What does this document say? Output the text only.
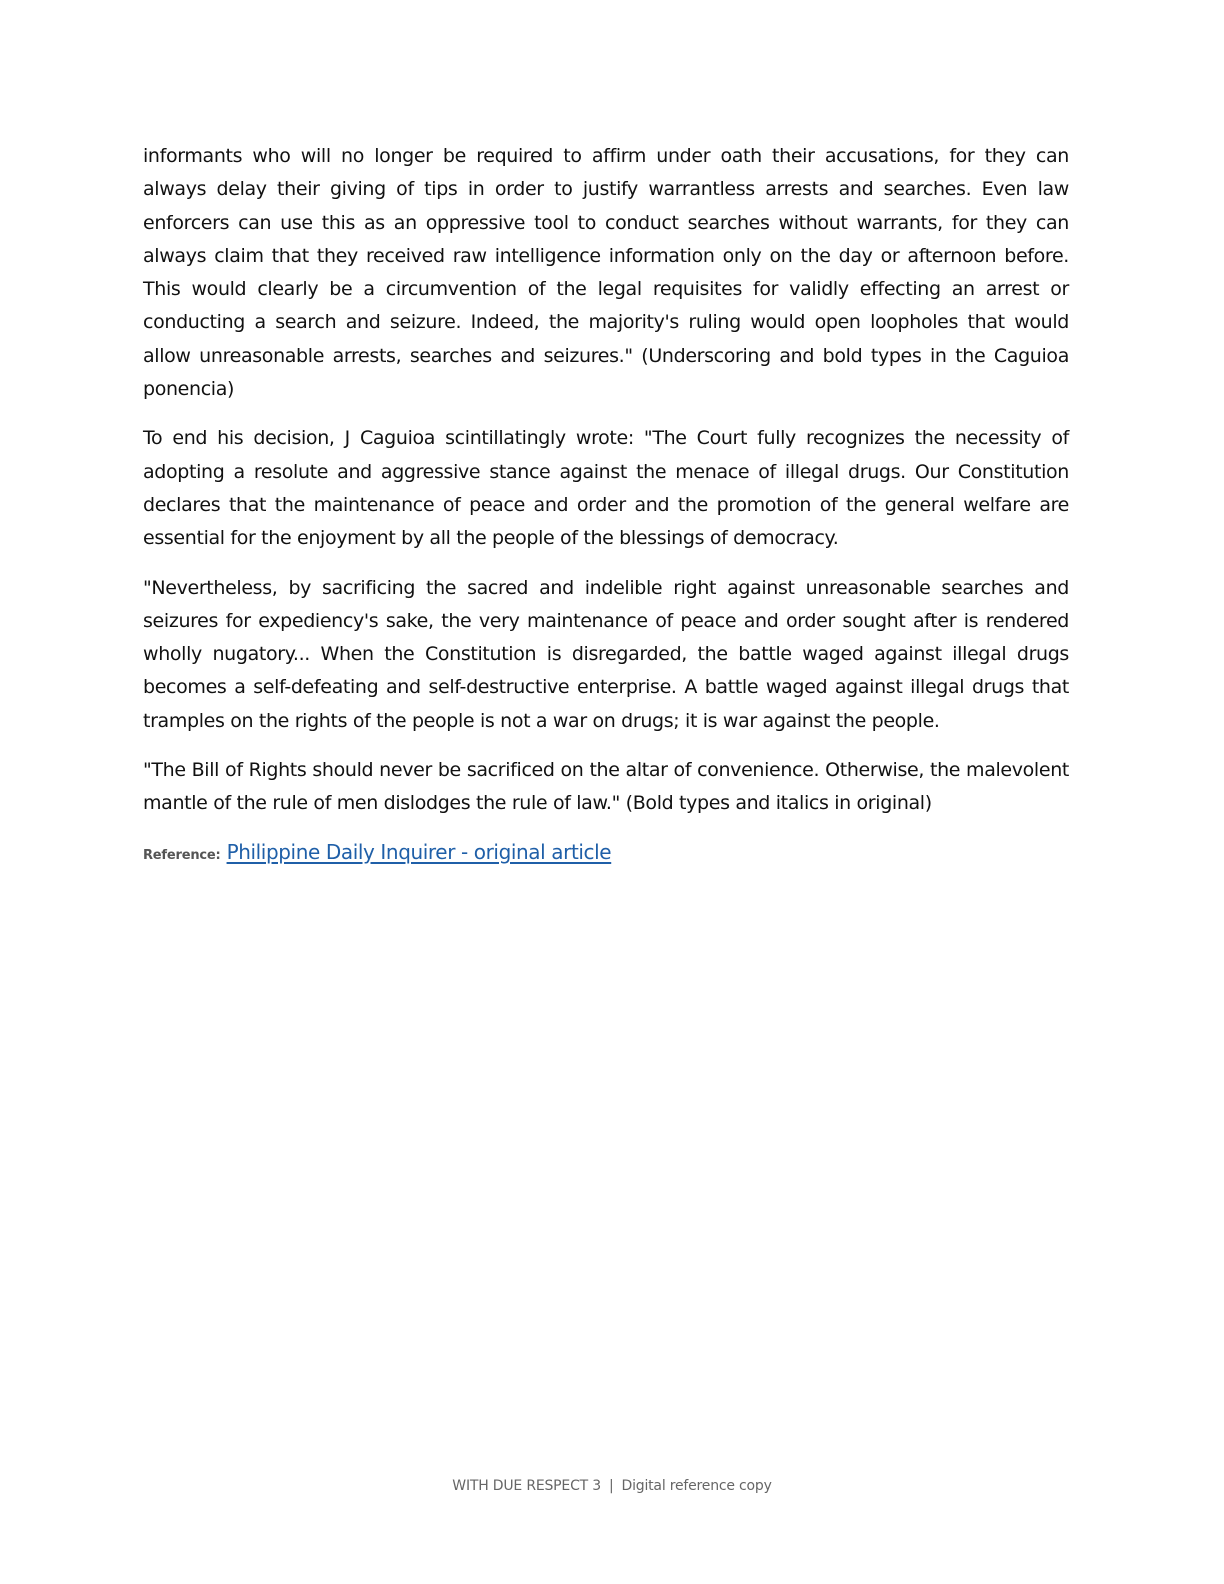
informants who will no longer be required to affirm under oath their accusations, for they can always delay their giving of tips in order to justify warrantless arrests and searches. Even law enforcers can use this as an oppressive tool to conduct searches without warrants, for they can always claim that they received raw intelligence information only on the day or afternoon before. This would clearly be a circumvention of the legal requisites for validly effecting an arrest or conducting a search and seizure. Indeed, the majority's ruling would open loopholes that would allow unreasonable arrests, searches and seizures." (Underscoring and bold types in the Caguioa ponencia)

To end his decision, J Caguioa scintillatingly wrote: "The Court fully recognizes the necessity of adopting a resolute and aggressive stance against the menace of illegal drugs. Our Constitution declares that the maintenance of peace and order and the promotion of the general welfare are essential for the enjoyment by all the people of the blessings of democracy.

"Nevertheless, by sacrificing the sacred and indelible right against unreasonable searches and seizures for expediency's sake, the very maintenance of peace and order sought after is rendered wholly nugatory... When the Constitution is disregarded, the battle waged against illegal drugs becomes a self-defeating and self-destructive enterprise. A battle waged against illegal drugs that tramples on the rights of the people is not a war on drugs; it is war against the people.

"The Bill of Rights should never be sacrificed on the altar of convenience. Otherwise, the malevolent mantle of the rule of men dislodges the rule of law." (Bold types and italics in original)

Reference: Philippine Daily Inquirer - original article
WITH DUE RESPECT 3 | Digital reference copy
